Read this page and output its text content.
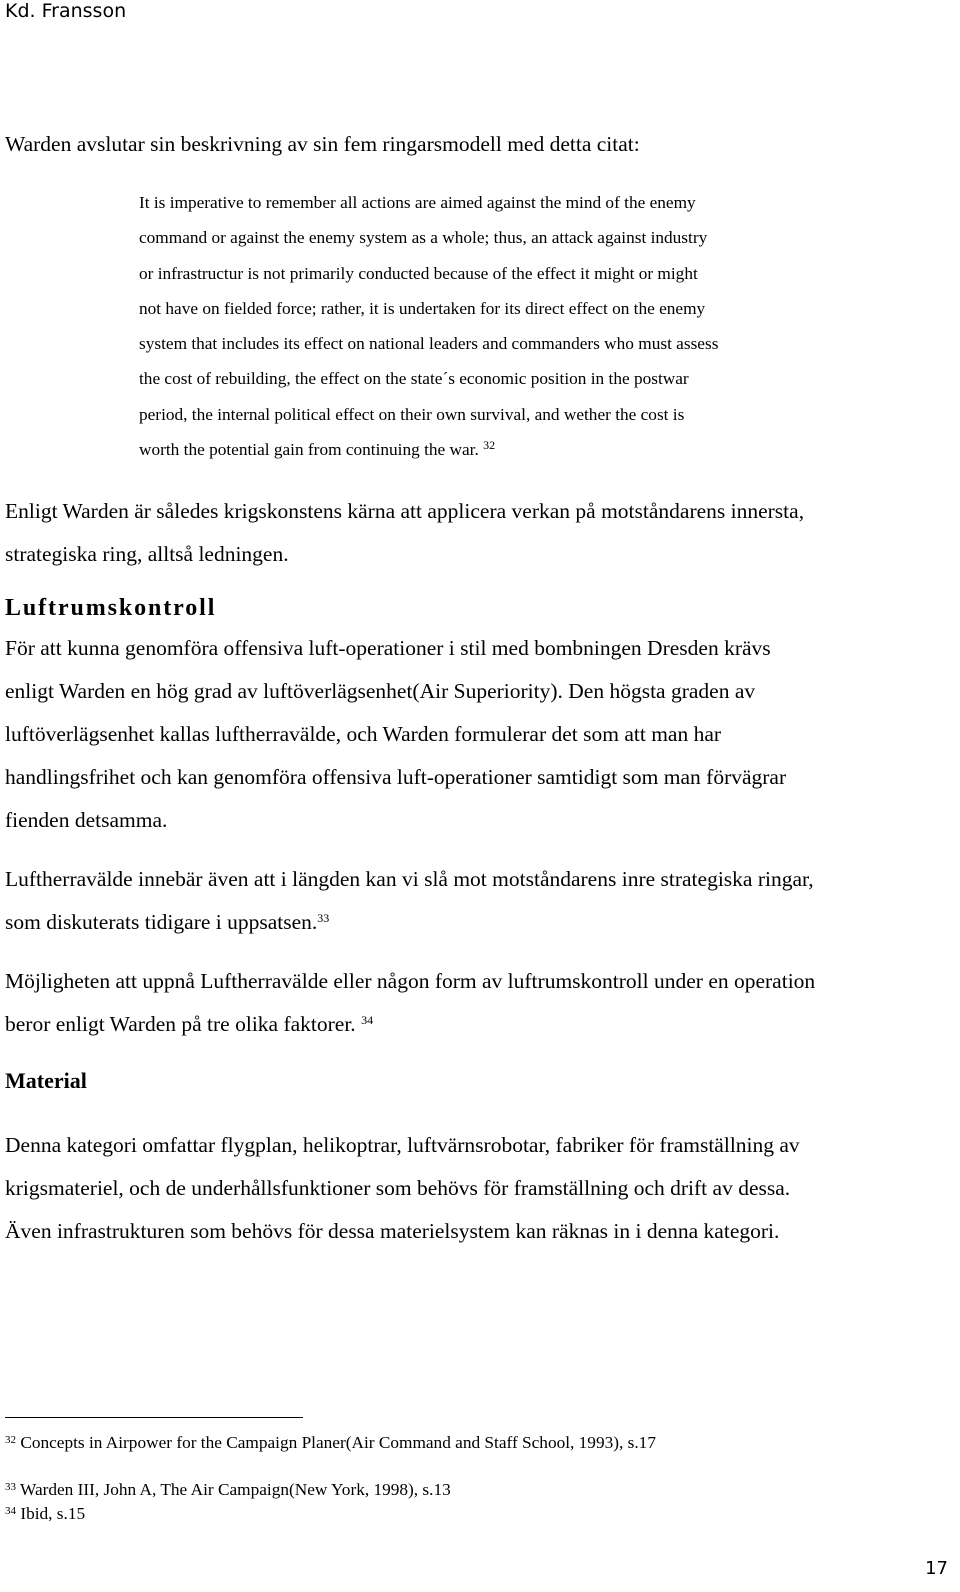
Kd. Fransson

Warden avslutar sin beskrivning av sin fem ringarsmodell med detta citat:

It is imperative to remember all actions are aimed against the mind of the enemy
command or against the enemy system as a whole; thus, an attack against industry
or infrastructur is not primarily conducted because of the effect it might or might
not have on fielded force; rather, it is undertaken for its direct effect on the enemy
system that includes its effect on national leaders and commanders who must assess
the cost of rebuilding, the effect on the state´s economic position in the postwar
period, the internal political effect on their own survival, and wether the cost is
worth the potential gain from continuing the war. $^{32}$
Enligt Warden är således krigskonstens kärna att applicera verkan på motståndarens innersta,
strategiska ring, alltså ledningen.
Luftrumskontroll
För att kunna genomföra offensiva luft-operationer i stil med bombningen Dresden krävs
enligt Warden en hög grad av luftöverlägsenhet(Air Superiority). Den högsta graden av
luftöverlägsenhet kallas luftherravälde, och Warden formulerar det som att man har
handlingsfrihet och kan genomföra offensiva luft-operationer samtidigt som man förvägrar
fienden detsamma.
Luftherravälde innebär även att i längden kan vi slå mot motståndarens inre strategiska ringar,
som diskuterats tidigare i uppsatsen.$^{33}$
Möjligheten att uppnå Luftherravälde eller någon form av luftrumskontroll under en operation
beror enligt Warden på tre olika faktorer. $^{34}$
Material
Denna kategori omfattar flygplan, helikoptrar, luftvärnsrobotar, fabriker för framställning av
krigsmateriel, och de underhållsfunktioner som behövs för framställning och drift av dessa.
Även infrastrukturen som behövs för dessa materielsystem kan räknas in i denna kategori.

$^{32}$ Concepts in Airpower for the Campaign Planer(Air Command and Staff School, 1993), s.17

$^{33}$ Warden III, John A, The Air Campaign(New York, 1998), s.13

$^{34}$ Ibid, s.15

17
